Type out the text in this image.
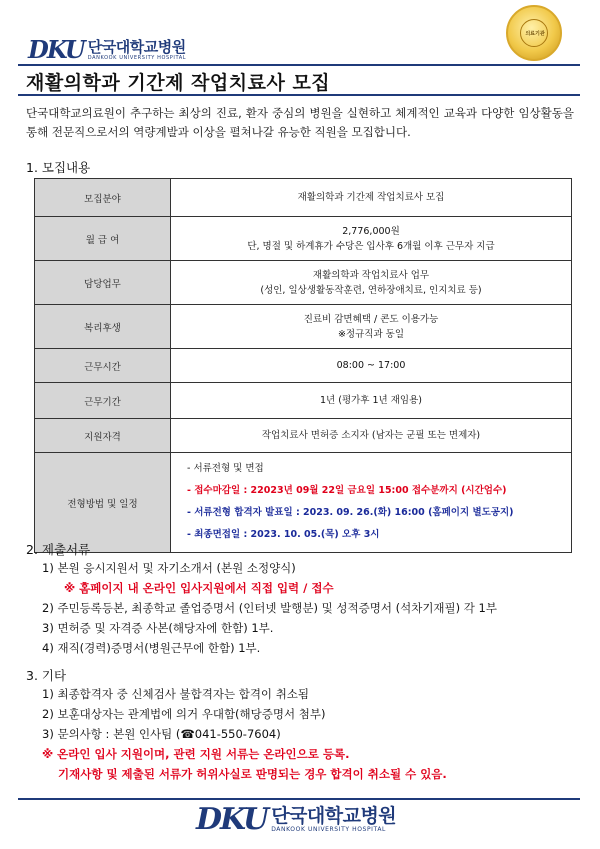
DKU 단국대학교병원
DANKOOK UNIVERSITY HOSPITAL
의료기관
재활의학과 기간제 작업치료사 모집
단국대학교의료원이 추구하는 최상의 진료, 환자 중심의 병원을 실현하고 체계적인 교육과 다양한 임상활동을 통해 전문직으로서의 역량계발과 이상을 펼쳐나갈 유능한 직원을 모집합니다.
1. 모집내용
모집분야	재활의학과 기간제 작업치료사 모집

월 급 여	2,776,000원
단, 명절 및 하계휴가 수당은 입사후 6개월 이후 근무자 지급

담당업무	재활의학과 작업치료사 업무
(성인, 일상생활동작훈련, 연하장애치료, 인지치료 등)

복리후생	진료비 감면혜택 / 콘도 이용가능
※정규직과 동일

근무시간	08:00 ~ 17:00

근무기간	1년 (평가후 1년 재임용)

지원자격	작업치료사 면허증 소지자 (남자는 군필 또는 면제자)

전형방법 및 일정	- 서류전형 및 면접
- 접수마감일 : 22023년 09월 22일 금요일 15:00 접수분까지 (시간엄수)
- 서류전형 합격자 발표일 : 2023. 09. 26.(화) 16:00 (홈페이지 별도공지)
- 최종면접일 : 2023. 10. 05.(목) 오후 3시
2. 제출서류
1) 본원 응시지원서 및 자기소개서 (본원 소정양식)
※ 홈페이지 내 온라인 입사지원에서 직접 입력 / 접수
2) 주민등록등본, 최종학교 졸업증명서 (인터넷 발행분) 및 성적증명서 (석차기재필) 각 1부
3) 면허증 및 자격증 사본(해당자에 한함) 1부.
4) 재직(경력)증명서(병원근무에 한함) 1부.
3. 기타
1) 최종합격자 중 신체검사 불합격자는 합격이 취소됨
2) 보훈대상자는 관계법에 의거 우대함(해당증명서 첨부)
3) 문의사항 : 본원 인사팀 (☎041-550-7604)
※ 온라인 입사 지원이며, 관련 지원 서류는 온라인으로 등록.
기재사항 및 제출된 서류가 허위사실로 판명되는 경우 합격이 취소될 수 있음.
DKU 단국대학교병원
DANKOOK UNIVERSITY HOSPITAL
